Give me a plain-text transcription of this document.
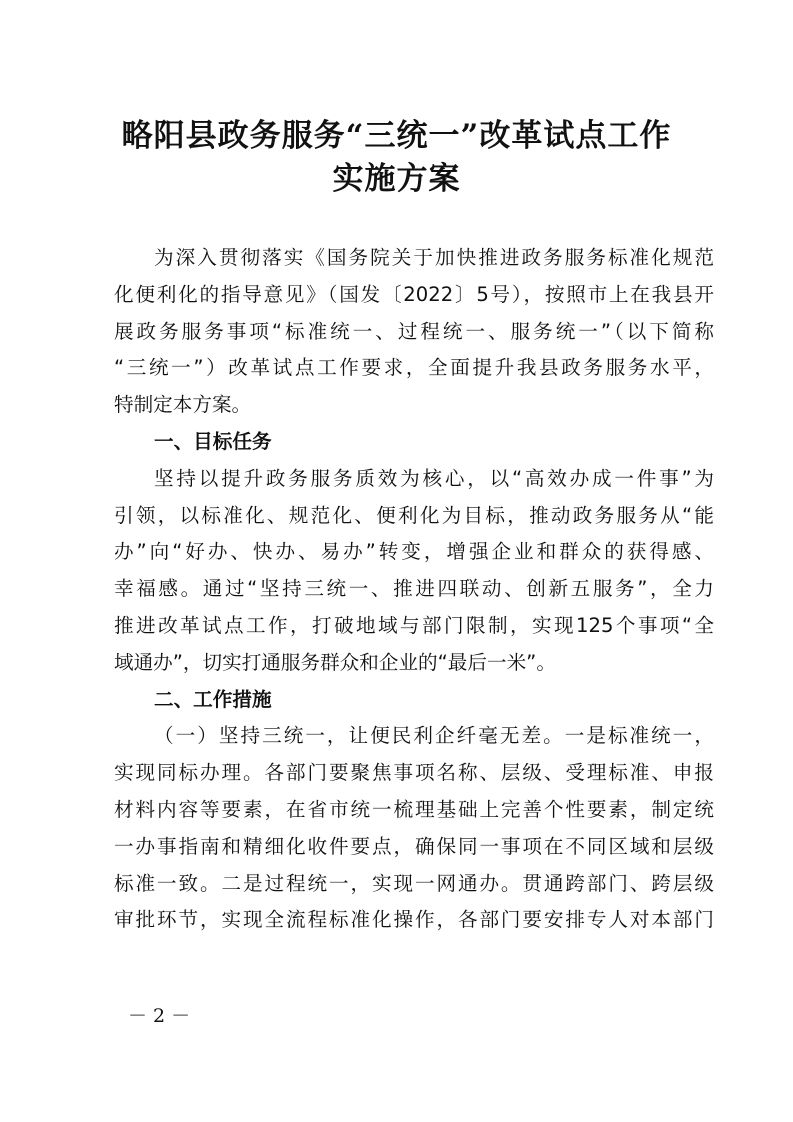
略阳县政务服务“三统一”改革试点工作
实施方案
为深入贯彻落实《国务院关于加快推进政务服务标准化规范
化便利化的指导意见》（国发〔2022〕5号），按照市上在我县开
展政务服务事项“标准统一、过程统一、服务统一”（以下简称
“三统一”）改革试点工作要求，全面提升我县政务服务水平，
特制定本方案。
一、目标任务
坚持以提升政务服务质效为核心，以“高效办成一件事”为
引领，以标准化、规范化、便利化为目标，推动政务服务从“能
办”向“好办、快办、易办”转变，增强企业和群众的获得感、
幸福感。通过“坚持三统一、推进四联动、创新五服务”，全力
推进改革试点工作，打破地域与部门限制，实现125个事项“全
域通办”，切实打通服务群众和企业的“最后一米”。
二、工作措施
（一）坚持三统一，让便民利企纤毫无差。一是标准统一，
实现同标办理。各部门要聚焦事项名称、层级、受理标准、申报
材料内容等要素，在省市统一梳理基础上完善个性要素，制定统
一办事指南和精细化收件要点，确保同一事项在不同区域和层级
标准一致。二是过程统一，实现一网通办。贯通跨部门、跨层级
审批环节，实现全流程标准化操作，各部门要安排专人对本部门
－ 2 －
